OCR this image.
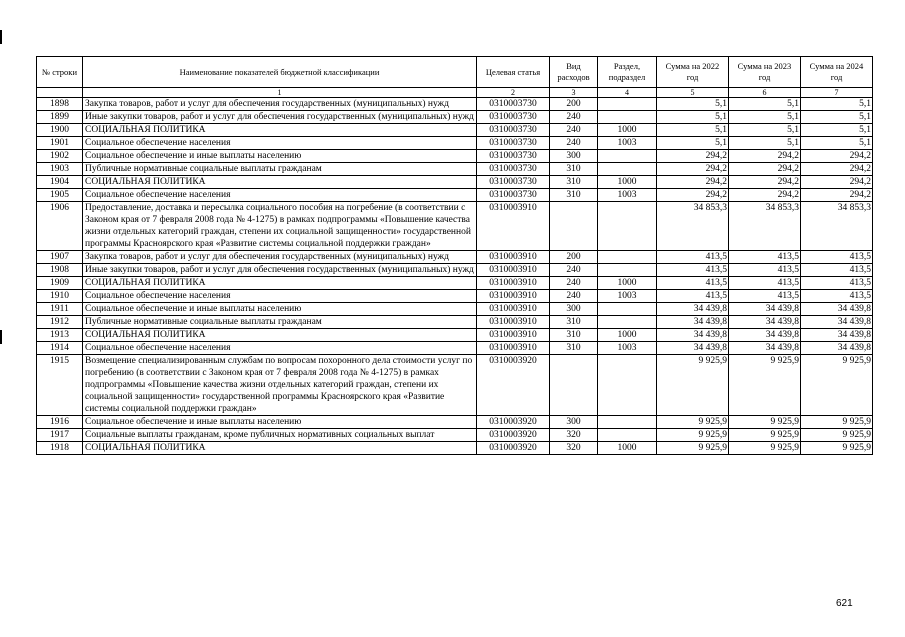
№ строки	Наименование показателей бюджетной классификации	Целевая статья	Вид расходов	Раздел, подраздел	Сумма на 2022 год	Сумма на 2023 год	Сумма на 2024 год
	1	2	3	4	5	6	7
1898	Закупка товаров, работ и услуг для обеспечения государственных (муниципальных) нужд	0310003730	200		5,1	5,1	5,1
1899	Иные закупки товаров, работ и услуг для обеспечения государственных (муниципальных) нужд	0310003730	240		5,1	5,1	5,1
1900	СОЦИАЛЬНАЯ ПОЛИТИКА	0310003730	240	1000	5,1	5,1	5,1
1901	Социальное обеспечение населения	0310003730	240	1003	5,1	5,1	5,1
1902	Социальное обеспечение и иные выплаты населению	0310003730	300		294,2	294,2	294,2
1903	Публичные нормативные социальные выплаты гражданам	0310003730	310		294,2	294,2	294,2
1904	СОЦИАЛЬНАЯ ПОЛИТИКА	0310003730	310	1000	294,2	294,2	294,2
1905	Социальное обеспечение населения	0310003730	310	1003	294,2	294,2	294,2
1906	Предоставление, доставка и пересылка социального пособия на погребение (в соответствии с Законом края от 7 февраля 2008 года № 4-1275) в рамках подпрограммы «Повышение качества жизни отдельных категорий граждан, степени их социальной защищенности» государственной программы Красноярского края «Развитие системы социальной поддержки граждан»	0310003910			34 853,3	34 853,3	34 853,3
1907	Закупка товаров, работ и услуг для обеспечения государственных (муниципальных) нужд	0310003910	200		413,5	413,5	413,5
1908	Иные закупки товаров, работ и услуг для обеспечения государственных (муниципальных) нужд	0310003910	240		413,5	413,5	413,5
1909	СОЦИАЛЬНАЯ ПОЛИТИКА	0310003910	240	1000	413,5	413,5	413,5
1910	Социальное обеспечение населения	0310003910	240	1003	413,5	413,5	413,5
1911	Социальное обеспечение и иные выплаты населению	0310003910	300		34 439,8	34 439,8	34 439,8
1912	Публичные нормативные социальные выплаты гражданам	0310003910	310		34 439,8	34 439,8	34 439,8
1913	СОЦИАЛЬНАЯ ПОЛИТИКА	0310003910	310	1000	34 439,8	34 439,8	34 439,8
1914	Социальное обеспечение населения	0310003910	310	1003	34 439,8	34 439,8	34 439,8
1915	Возмещение специализированным службам по вопросам похоронного дела стоимости услуг по погребению (в соответствии с Законом края от 7 февраля 2008 года № 4-1275) в рамках подпрограммы «Повышение качества жизни отдельных категорий граждан, степени их социальной защищенности» государственной программы Красноярского края «Развитие системы социальной поддержки граждан»	0310003920			9 925,9	9 925,9	9 925,9
1916	Социальное обеспечение и иные выплаты населению	0310003920	300		9 925,9	9 925,9	9 925,9
1917	Социальные выплаты гражданам, кроме публичных нормативных социальных выплат	0310003920	320		9 925,9	9 925,9	9 925,9
1918	СОЦИАЛЬНАЯ ПОЛИТИКА	0310003920	320	1000	9 925,9	9 925,9	9 925,9
621
